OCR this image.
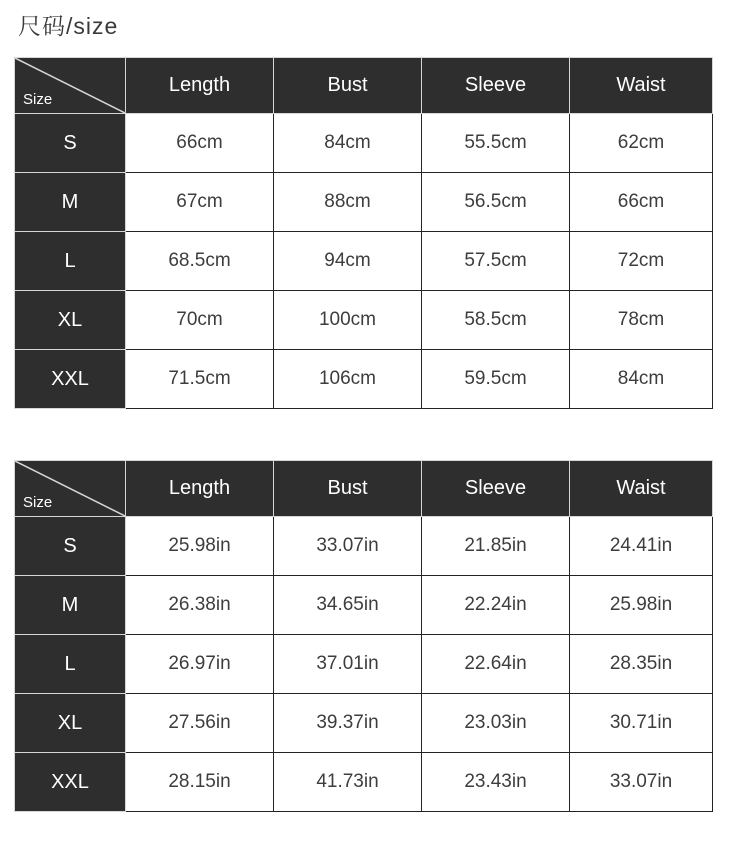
尺码/size
Size	Length	Bust	Sleeve	Waist
S	66cm	84cm	55.5cm	62cm
M	67cm	88cm	56.5cm	66cm
L	68.5cm	94cm	57.5cm	72cm
XL	70cm	100cm	58.5cm	78cm
XXL	71.5cm	106cm	59.5cm	84cm
Size	Length	Bust	Sleeve	Waist
S	25.98in	33.07in	21.85in	24.41in
M	26.38in	34.65in	22.24in	25.98in
L	26.97in	37.01in	22.64in	28.35in
XL	27.56in	39.37in	23.03in	30.71in
XXL	28.15in	41.73in	23.43in	33.07in
